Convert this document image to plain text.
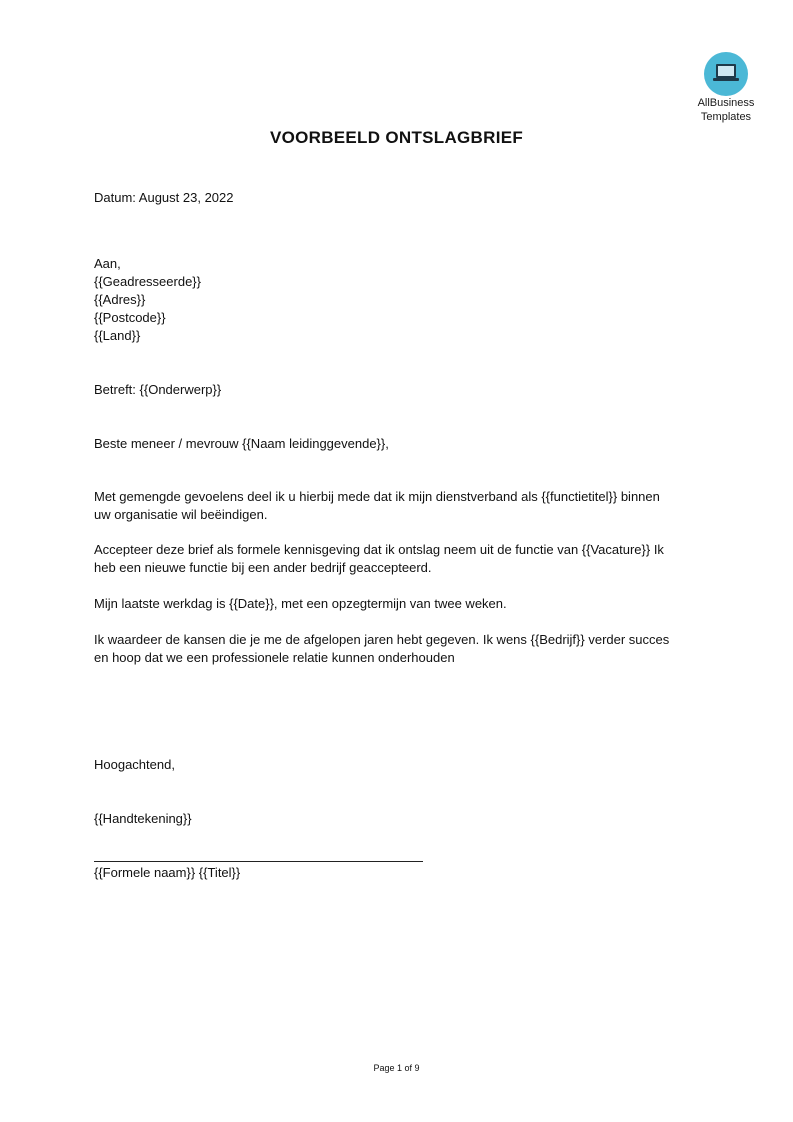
AllBusiness
Templates
VOORBEELD ONTSLAGBRIEF
Datum: August 23, 2022
Aan,
{{Geadresseerde}}
{{Adres}}
{{Postcode}}
{{Land}}
Betreft: {{Onderwerp}}
Beste meneer / mevrouw {{Naam leidinggevende}},
Met gemengde gevoelens deel ik u hierbij mede dat ik mijn dienstverband als {{functietitel}} binnen
uw organisatie wil beëindigen.
Accepteer deze brief als formele kennisgeving dat ik ontslag neem uit de functie van {{Vacature}} Ik
heb een nieuwe functie bij een ander bedrijf geaccepteerd.
Mijn laatste werkdag is {{Date}}, met een opzegtermijn van twee weken.
Ik waardeer de kansen die je me de afgelopen jaren hebt gegeven. Ik wens {{Bedrijf}} verder succes
en hoop dat we een professionele relatie kunnen onderhouden
Hoogachtend,
{{Handtekening}}
{{Formele naam}} {{Titel}}
Page 1 of 9
